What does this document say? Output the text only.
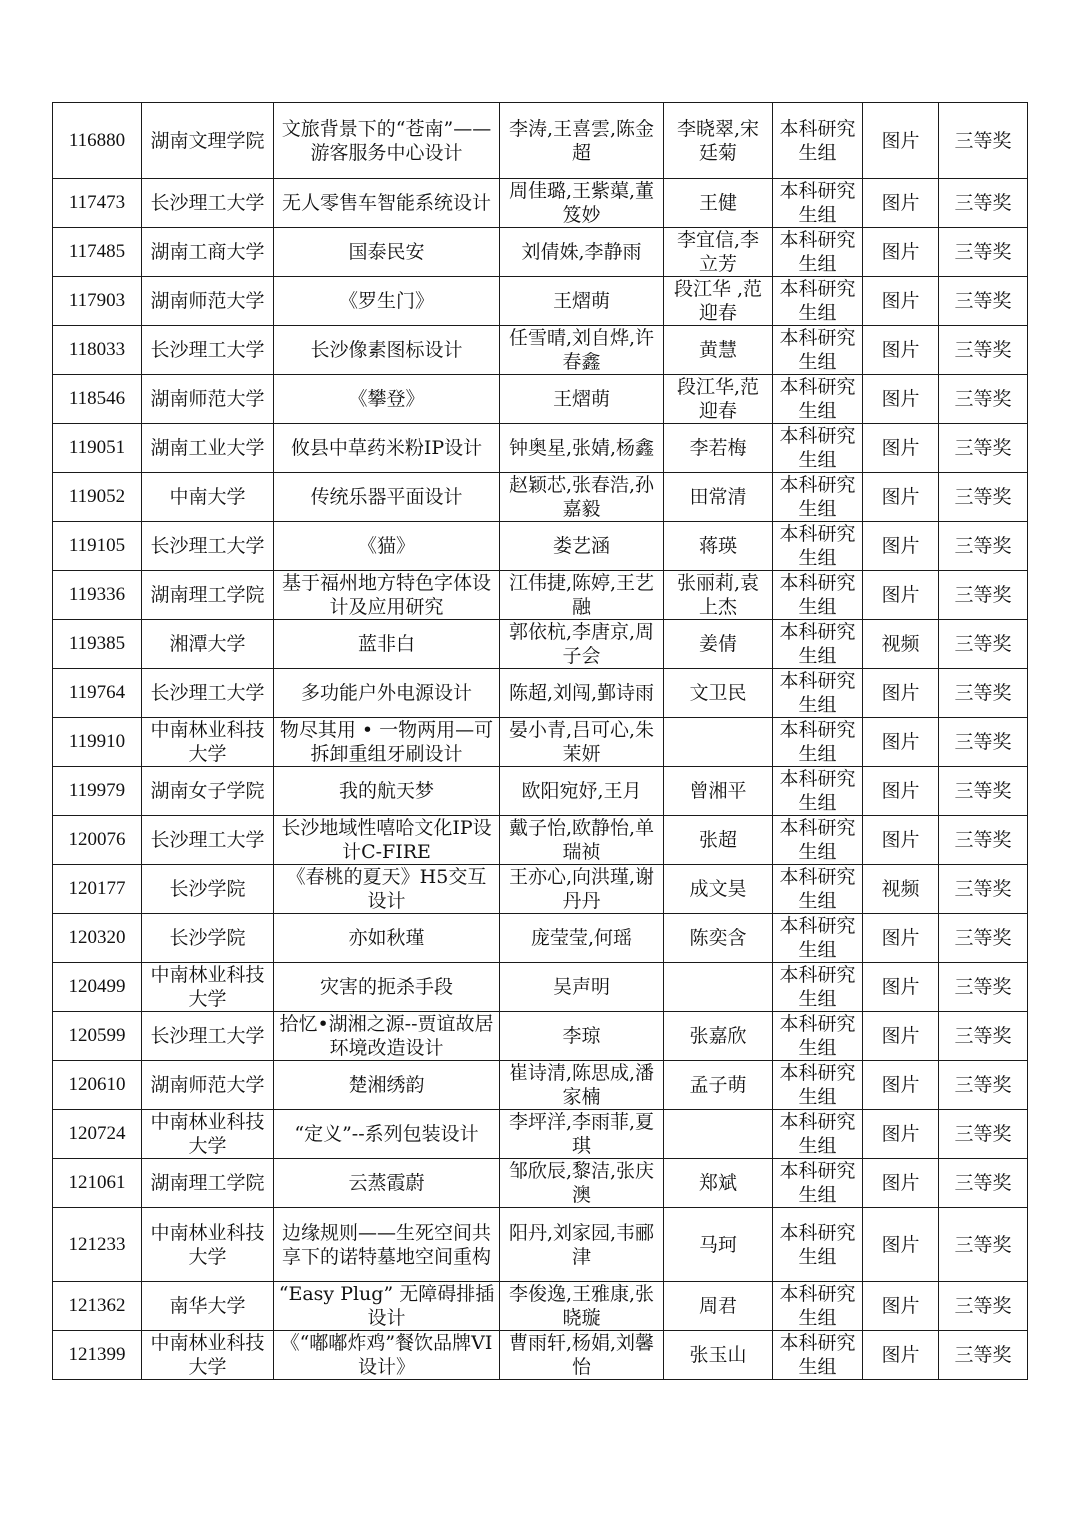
116880	湖南文理学院	文旅背景下的“苍南”——游客服务中心设计	李涛,王喜雲,陈金超	李晓翠,宋廷菊	本科研究生组	图片	三等奖
117473	长沙理工大学	无人零售车智能系统设计	周佳璐,王紫蕖,董笈妙	王健	本科研究生组	图片	三等奖
117485	湖南工商大学	国泰民安	刘倩姝,李静雨	李宜信,李立芳	本科研究生组	图片	三等奖
117903	湖南师范大学	《罗生门》	王熠萌	段江华 ,范迎春	本科研究生组	图片	三等奖
118033	长沙理工大学	长沙像素图标设计	任雪晴,刘自烨,许春鑫	黄慧	本科研究生组	图片	三等奖
118546	湖南师范大学	《攀登》	王熠萌	段江华,范迎春	本科研究生组	图片	三等奖
119051	湖南工业大学	攸县中草药米粉IP设计	钟奥星,张婧,杨鑫	李若梅	本科研究生组	图片	三等奖
119052	中南大学	传统乐器平面设计	赵颖芯,张春浩,孙嘉毅	田常清	本科研究生组	图片	三等奖
119105	长沙理工大学	《猫》	娄艺涵	蒋瑛	本科研究生组	图片	三等奖
119336	湖南理工学院	基于福州地方特色字体设计及应用研究	江伟捷,陈婷,王艺融	张丽莉,袁上杰	本科研究生组	图片	三等奖
119385	湘潭大学	蓝非白	郭依杭,李唐京,周子会	姜倩	本科研究生组	视频	三等奖
119764	长沙理工大学	多功能户外电源设计	陈超,刘闯,鄞诗雨	文卫民	本科研究生组	图片	三等奖
119910	中南林业科技大学	物尽其用 • 一物两用—可拆卸重组牙刷设计	晏小青,吕可心,朱茉妍		本科研究生组	图片	三等奖
119979	湖南女子学院	我的航天梦	欧阳宛妤,王月	曾湘平	本科研究生组	图片	三等奖
120076	长沙理工大学	长沙地域性嘻哈文化IP设计C-FIRE	戴子怡,欧静怡,单瑞祯	张超	本科研究生组	图片	三等奖
120177	长沙学院	《春桃的夏天》H5交互设计	王亦心,向洪瑾,谢丹丹	成文昊	本科研究生组	视频	三等奖
120320	长沙学院	亦如秋瑾	庞莹莹,何瑶	陈奕含	本科研究生组	图片	三等奖
120499	中南林业科技大学	灾害的扼杀手段	吴声明		本科研究生组	图片	三等奖
120599	长沙理工大学	拾忆•湖湘之源--贾谊故居环境改造设计	李琼	张嘉欣	本科研究生组	图片	三等奖
120610	湖南师范大学	楚湘绣韵	崔诗清,陈思成,潘家楠	孟子萌	本科研究生组	图片	三等奖
120724	中南林业科技大学	“定义”--系列包装设计	李坪洋,李雨菲,夏琪		本科研究生组	图片	三等奖
121061	湖南理工学院	云蒸霞蔚	邹欣辰,黎洁,张庆澳	郑斌	本科研究生组	图片	三等奖
121233	中南林业科技大学	边缘规则——生死空间共享下的诺特墓地空间重构	阳丹,刘家园,韦郦津	马珂	本科研究生组	图片	三等奖
121362	南华大学	“Easy Plug” 无障碍排插设计	李俊逸,王雅康,张晓璇	周君	本科研究生组	图片	三等奖
121399	中南林业科技大学	《“嘟嘟炸鸡”餐饮品牌VI设计》	曹雨轩,杨娟,刘馨怡	张玉山	本科研究生组	图片	三等奖
